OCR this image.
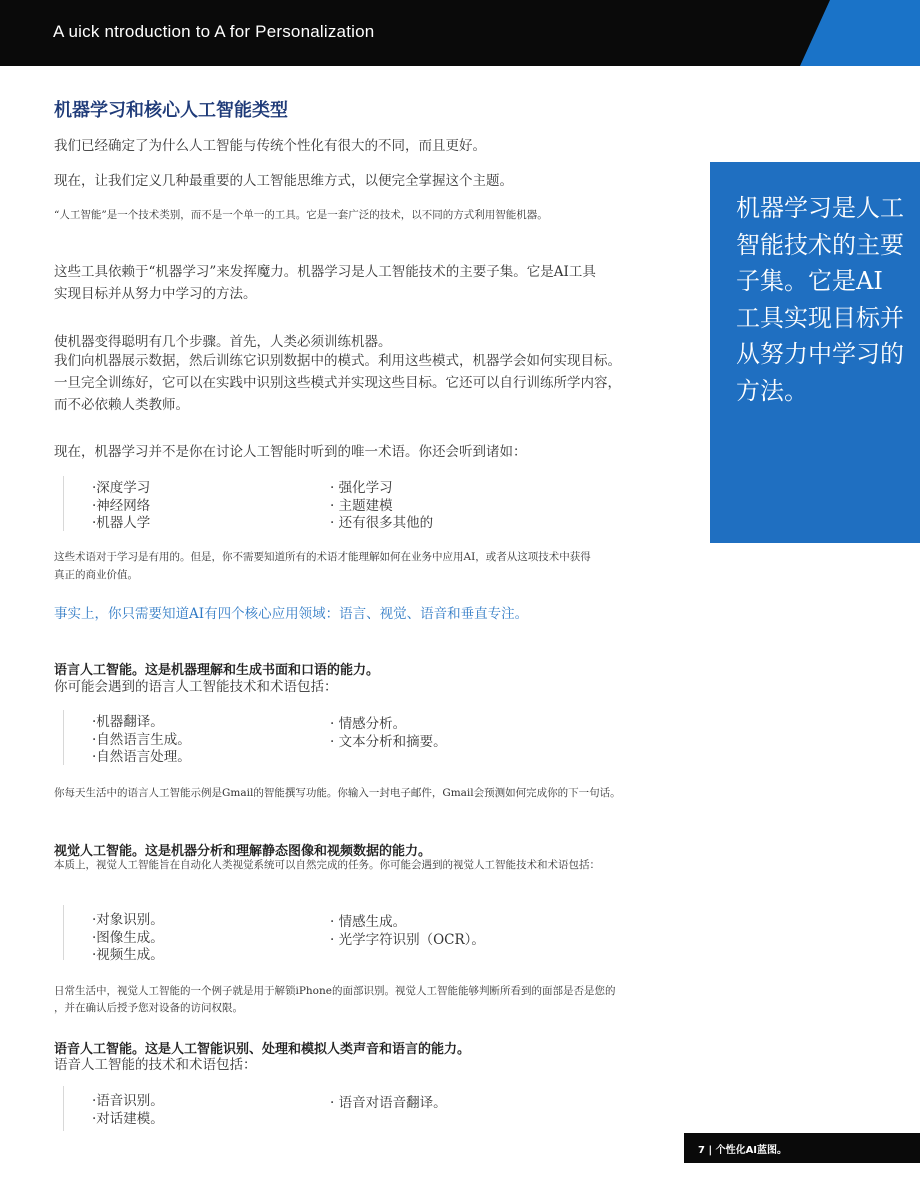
A uick ntroduction to A for Personalization
机器学习和核心人工智能类型

我们已经确定了为什么人工智能与传统个性化有很大的不同，而且更好。

现在，让我们定义几种最重要的人工智能思维方式，以便完全掌握这个主题。

“人工智能”是一个技术类别，而不是一个单一的工具。它是一套广泛的技术，以不同的方式利用智能机器。

这些工具依赖于“机器学习”来发挥魔力。机器学习是人工智能技术的主要子集。它是AI工具

实现目标并从努力中学习的方法。

使机器变得聪明有几个步骤。首先，人类必须训练机器。

我们向机器展示数据，然后训练它识别数据中的模式。利用这些模式，机器学会如何实现目标。

一旦完全训练好，它可以在实践中识别这些模式并实现这些目标。它还可以自行训练所学内容，

而不必依赖人类教师。

现在，机器学习并不是你在讨论人工智能时听到的唯一术语。你还会听到诸如：

·深度学习
·神经网络
·机器人学
· 强化学习
· 主题建模
· 还有很多其他的

这些术语对于学习是有用的。但是，你不需要知道所有的术语才能理解如何在业务中应用AI，或者从这项技术中获得

真正的商业价值。

事实上，你只需要知道AI有四个核心应用领域：语言、视觉、语音和垂直专注。

语言人工智能。这是机器理解和生成书面和口语的能力。

你可能会遇到的语言人工智能技术和术语包括：

·机器翻译。
·自然语言生成。
·自然语言处理。
· 情感分析。
· 文本分析和摘要。

你每天生活中的语言人工智能示例是Gmail的智能撰写功能。你输入一封电子邮件，Gmail会预测如何完成你的下一句话。

视觉人工智能。这是机器分析和理解静态图像和视频数据的能力。

本质上，视觉人工智能旨在自动化人类视觉系统可以自然完成的任务。你可能会遇到的视觉人工智能技术和术语包括：

·对象识别。
·图像生成。
·视频生成。
· 情感生成。
· 光学字符识别（OCR）。

日常生活中，视觉人工智能的一个例子就是用于解锁iPhone的面部识别。视觉人工智能能够判断所看到的面部是否是您的

，并在确认后授予您对设备的访问权限。

语音人工智能。这是人工智能识别、处理和模拟人类声音和语言的能力。

语音人工智能的技术和术语包括：

·语音识别。
·对话建模。
· 语音对语音翻译。
机器学习是人工智能技术的主要子集。它是AI工具实现目标并从努力中学习的方法。
7 | 个性化AI蓝图。
